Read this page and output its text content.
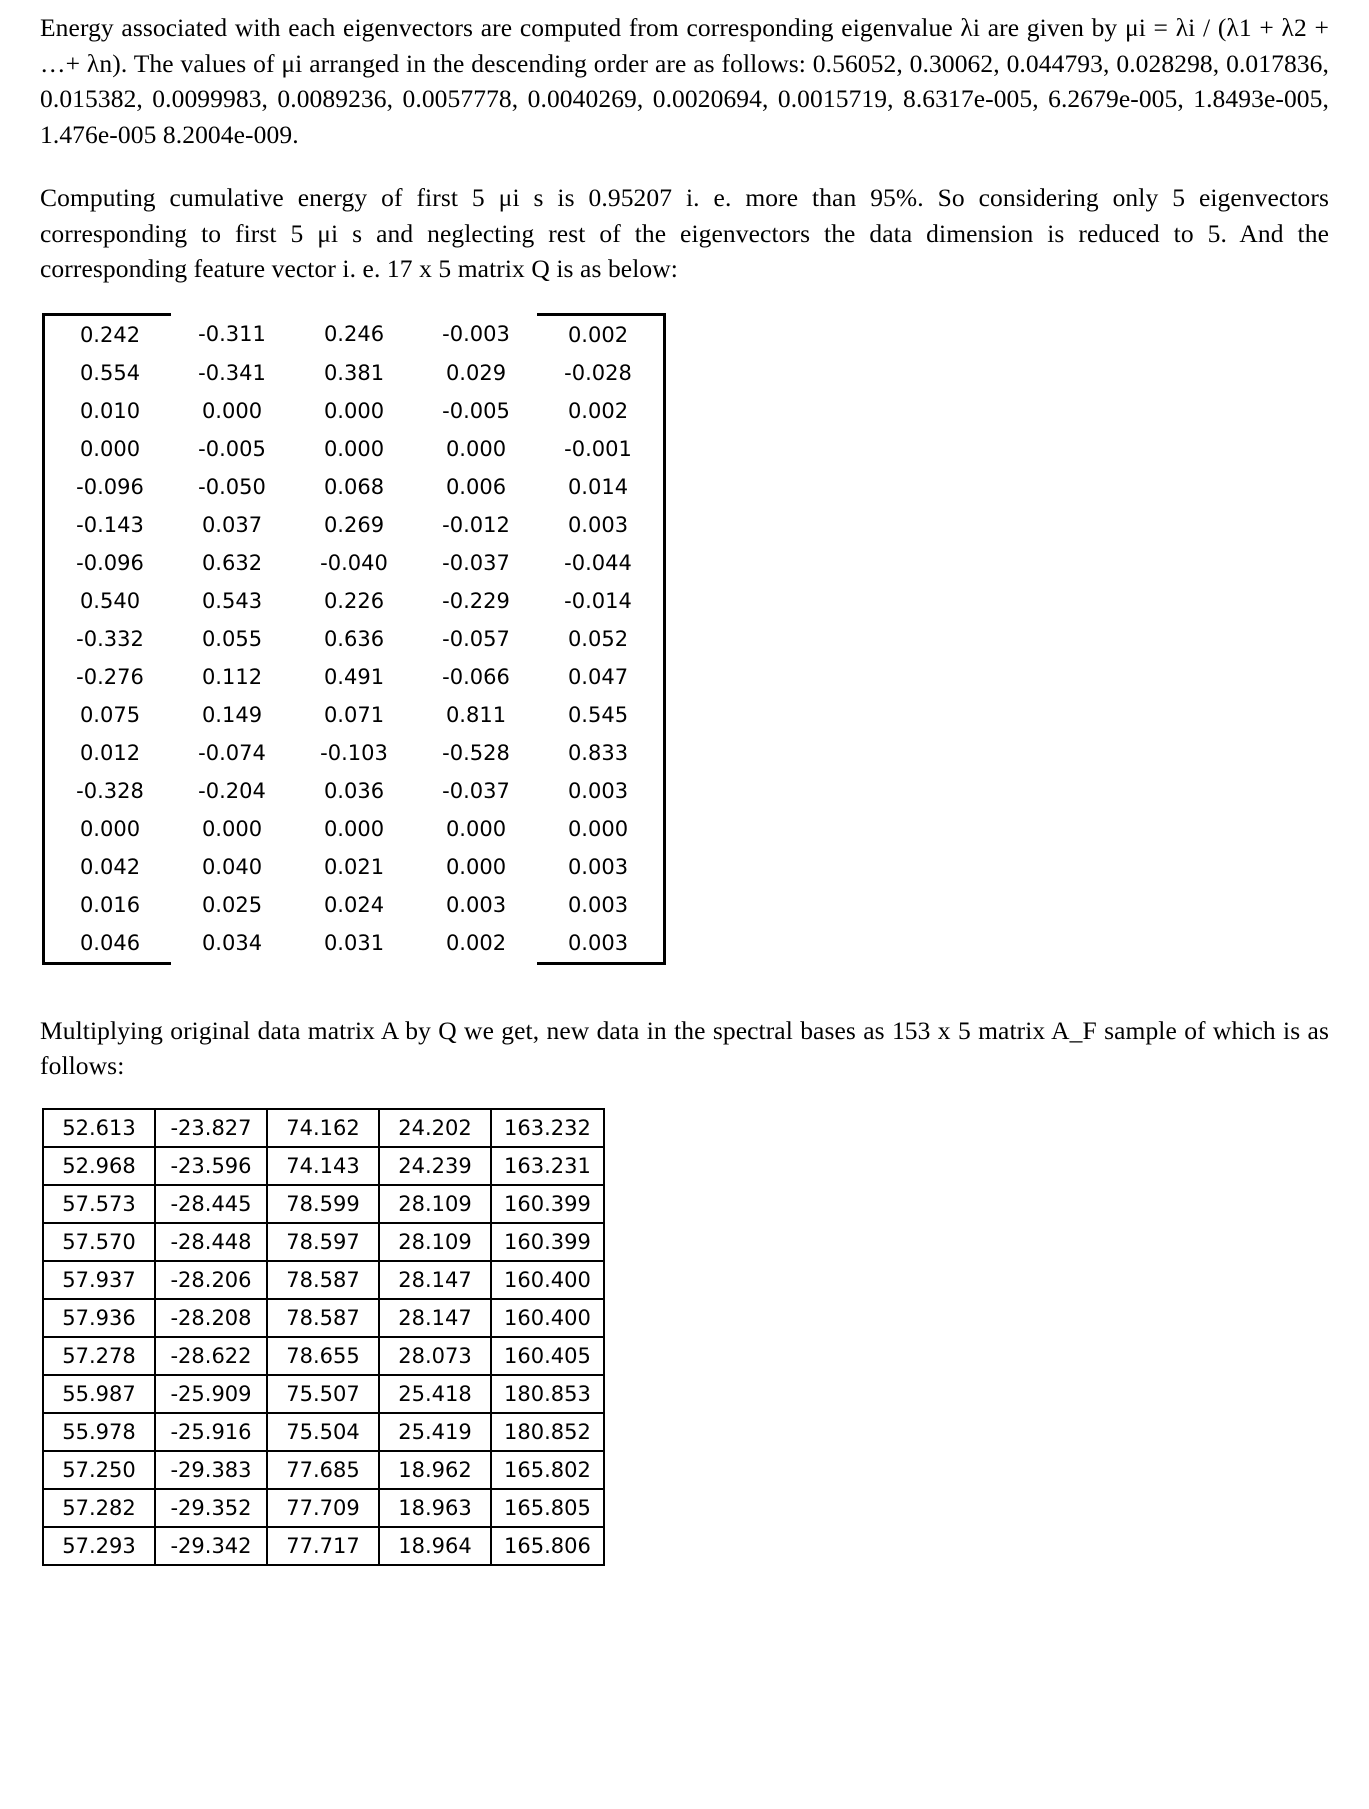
Energy associated with each eigenvectors are computed from corresponding eigenvalue λi are given by μi = λi / (λ1 + λ2 + …+ λn). The values of μi arranged in the descending order are as follows: 0.56052, 0.30062, 0.044793, 0.028298, 0.017836, 0.015382, 0.0099983, 0.0089236, 0.0057778, 0.0040269, 0.0020694, 0.0015719, 8.6317e-005, 6.2679e-005, 1.8493e-005, 1.476e-005 8.2004e-009.

Computing cumulative energy of first 5 μi s is 0.95207 i. e. more than 95%. So considering only 5 eigenvectors corresponding to first 5 μi s and neglecting rest of the eigenvectors the data dimension is reduced to 5. And the corresponding feature vector i. e. 17 x 5 matrix Q is as below:

0.242	-0.311	0.246	-0.003	0.002
0.554	-0.341	0.381	0.029	-0.028
0.010	0.000	0.000	-0.005	0.002
0.000	-0.005	0.000	0.000	-0.001
-0.096	-0.050	0.068	0.006	0.014
-0.143	0.037	0.269	-0.012	0.003
-0.096	0.632	-0.040	-0.037	-0.044
0.540	0.543	0.226	-0.229	-0.014
-0.332	0.055	0.636	-0.057	0.052
-0.276	0.112	0.491	-0.066	0.047
0.075	0.149	0.071	0.811	0.545
0.012	-0.074	-0.103	-0.528	0.833
-0.328	-0.204	0.036	-0.037	0.003
0.000	0.000	0.000	0.000	0.000
0.042	0.040	0.021	0.000	0.003
0.016	0.025	0.024	0.003	0.003
0.046	0.034	0.031	0.002	0.003

Multiplying original data matrix A by Q we get, new data in the spectral bases as 153 x 5 matrix A_F sample of which is as follows:

52.613	-23.827	74.162	24.202	163.232
52.968	-23.596	74.143	24.239	163.231
57.573	-28.445	78.599	28.109	160.399
57.570	-28.448	78.597	28.109	160.399
57.937	-28.206	78.587	28.147	160.400
57.936	-28.208	78.587	28.147	160.400
57.278	-28.622	78.655	28.073	160.405
55.987	-25.909	75.507	25.418	180.853
55.978	-25.916	75.504	25.419	180.852
57.250	-29.383	77.685	18.962	165.802
57.282	-29.352	77.709	18.963	165.805
57.293	-29.342	77.717	18.964	165.806
